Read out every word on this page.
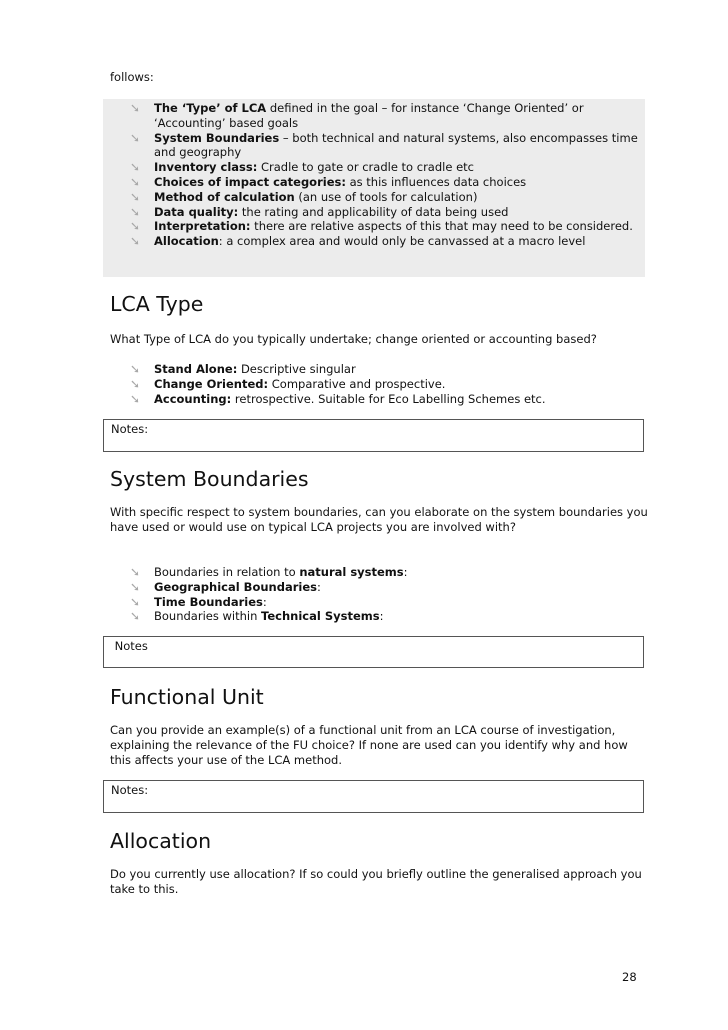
follows:

➘ The ‘Type’ of LCA defined in the goal – for instance ‘Change Oriented’ or ‘Accounting’ based goals
➘ System Boundaries – both technical and natural systems, also encompasses time and geography
➘ Inventory class: Cradle to gate or cradle to cradle etc
➘ Choices of impact categories: as this influences data choices
➘ Method of calculation (an use of tools for calculation)
➘ Data quality: the rating and applicability of data being used
➘ Interpretation: there are relative aspects of this that may need to be considered.
➘ Allocation: a complex area and would only be canvassed at a macro level
LCA Type

What Type of LCA do you typically undertake; change oriented or accounting based?

➘ Stand Alone: Descriptive singular
➘ Change Oriented: Comparative and prospective.
➘ Accounting: retrospective. Suitable for Eco Labelling Schemes etc.
Notes:
System Boundaries

With specific respect to system boundaries, can you elaborate on the system boundaries you have used or would use on typical LCA projects you are involved with?

➘ Boundaries in relation to natural systems:
➘ Geographical Boundaries:
➘ Time Boundaries:
➘ Boundaries within Technical Systems:
Notes
Functional Unit

Can you provide an example(s) of a functional unit from an LCA course of investigation, explaining the relevance of the FU choice? If none are used can you identify why and how this affects your use of the LCA method.

Notes:
Allocation

Do you currently use allocation? If so could you briefly outline the generalised approach you take to this.

28
